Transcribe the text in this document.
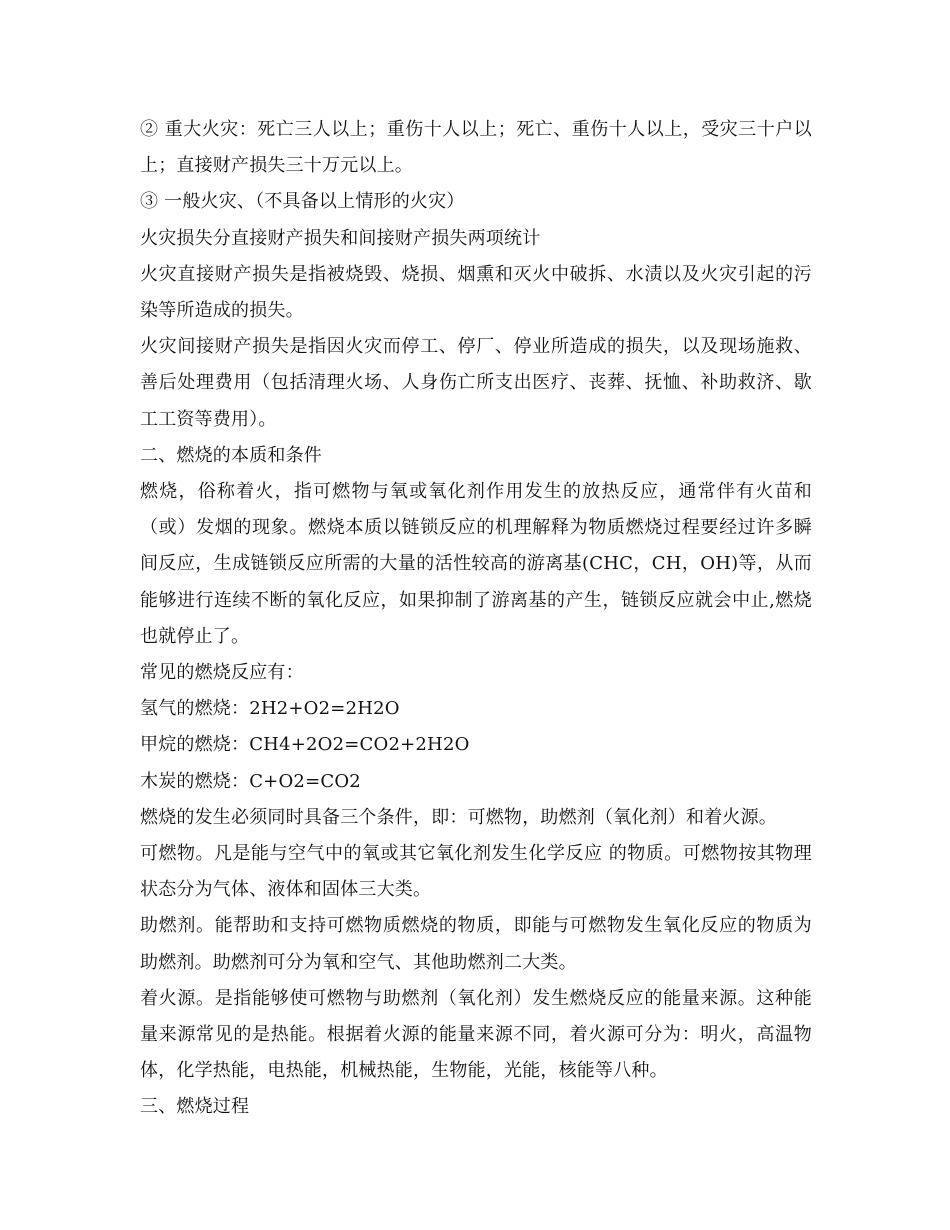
② 重大火灾：死亡三人以上；重伤十人以上；死亡、重伤十人以上，受灾三十户以上；直接财产损失三十万元以上。

③ 一般火灾、（不具备以上情形的火灾）

火灾损失分直接财产损失和间接财产损失两项统计

火灾直接财产损失是指被烧毁、烧损、烟熏和灭火中破拆、水渍以及火灾引起的污染等所造成的损失。

火灾间接财产损失是指因火灾而停工、停厂、停业所造成的损失，以及现场施救、善后处理费用（包括清理火场、人身伤亡所支出医疗、丧葬、抚恤、补助救济、歇工工资等费用）。

二、燃烧的本质和条件

燃烧，俗称着火，指可燃物与氧或氧化剂作用发生的放热反应，通常伴有火苗和（或）发烟的现象。燃烧本质以链锁反应的机理解释为物质燃烧过程要经过许多瞬间反应，生成链锁反应所需的大量的活性较高的游离基(CHC，CH，OH)等，从而能够进行连续不断的氧化反应，如果抑制了游离基的产生，链锁反应就会中止,燃烧也就停止了。

常见的燃烧反应有：

氢气的燃烧：2H2+O2=2H2O

甲烷的燃烧：CH4+2O2=CO2+2H2O

木炭的燃烧：C+O2=CO2

燃烧的发生必须同时具备三个条件，即：可燃物，助燃剂（氧化剂）和着火源。

可燃物。凡是能与空气中的氧或其它氧化剂发生化学反应 的物质。可燃物按其物理状态分为气体、液体和固体三大类。

助燃剂。能帮助和支持可燃物质燃烧的物质，即能与可燃物发生氧化反应的物质为助燃剂。助燃剂可分为氧和空气、其他助燃剂二大类。

着火源。是指能够使可燃物与助燃剂（氧化剂）发生燃烧反应的能量来源。这种能量来源常见的是热能。根据着火源的能量来源不同，着火源可分为：明火，高温物体，化学热能，电热能，机械热能，生物能，光能，核能等八种。

三、燃烧过程
